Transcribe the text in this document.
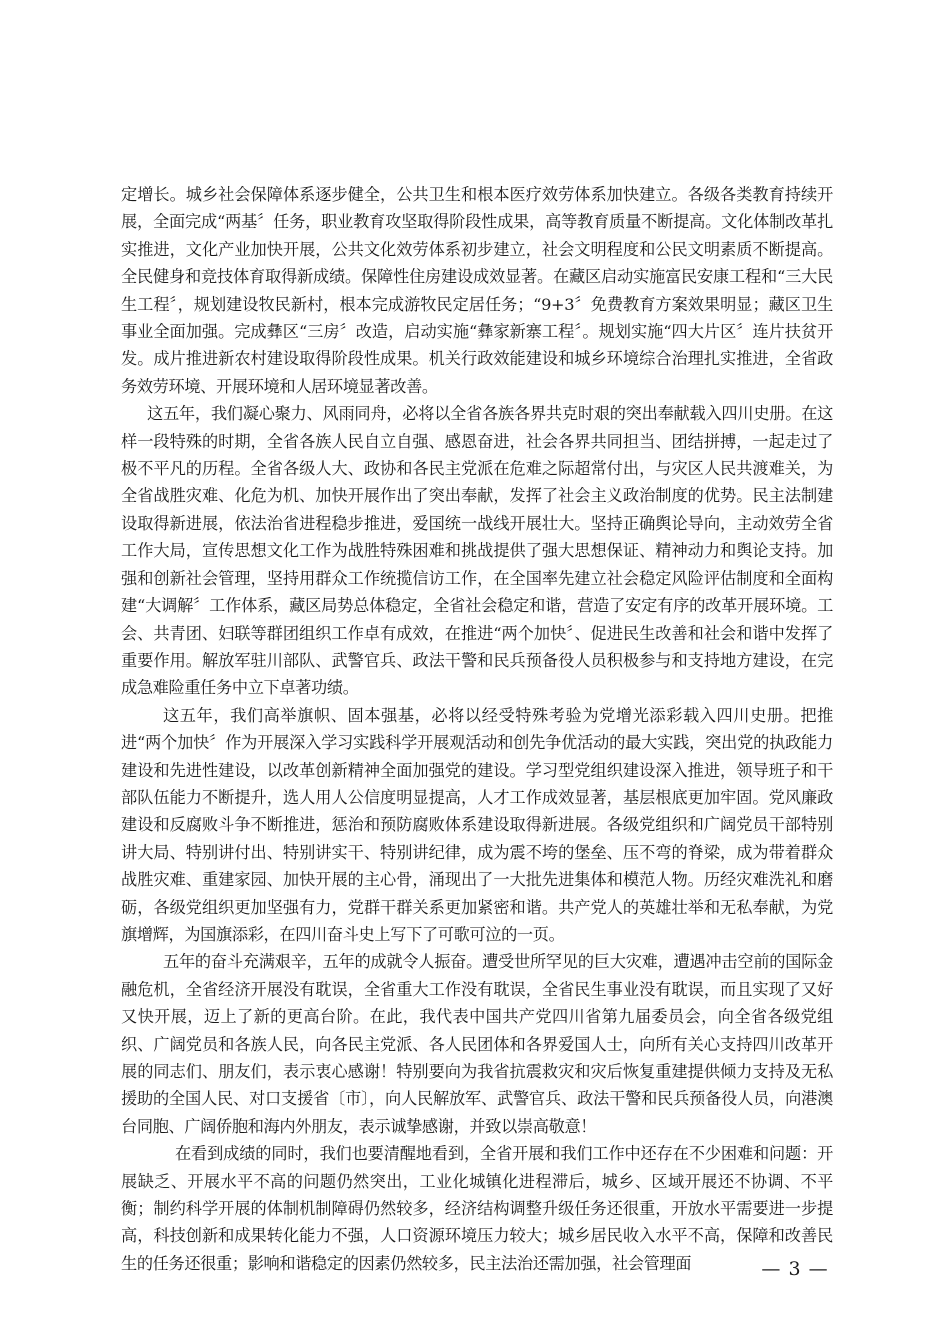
定增长。城乡社会保障体系逐步健全，公共卫生和根本医疗效劳体系加快建立。各级各类教育持续开展，全面完成“两基〞任务，职业教育攻坚取得阶段性成果，高等教育质量不断提高。文化体制改革扎实推进，文化产业加快开展，公共文化效劳体系初步建立，社会文明程度和公民文明素质不断提高。全民健身和竞技体育取得新成绩。保障性住房建设成效显著。在藏区启动实施富民安康工程和“三大民生工程〞，规划建设牧民新村，根本完成游牧民定居任务；“9+3〞免费教育方案效果明显；藏区卫生事业全面加强。完成彝区“三房〞改造，启动实施“彝家新寨工程〞。规划实施“四大片区〞连片扶贫开发。成片推进新农村建设取得阶段性成果。机关行政效能建设和城乡环境综合治理扎实推进，全省政务效劳环境、开展环境和人居环境显著改善。

这五年，我们凝心聚力、风雨同舟，必将以全省各族各界共克时艰的突出奉献载入四川史册。在这样一段特殊的时期，全省各族人民自立自强、感恩奋进，社会各界共同担当、团结拼搏，一起走过了极不平凡的历程。全省各级人大、政协和各民主党派在危难之际超常付出，与灾区人民共渡难关，为全省战胜灾难、化危为机、加快开展作出了突出奉献，发挥了社会主义政治制度的优势。民主法制建设取得新进展，依法治省进程稳步推进，爱国统一战线开展壮大。坚持正确舆论导向，主动效劳全省工作大局，宣传思想文化工作为战胜特殊困难和挑战提供了强大思想保证、精神动力和舆论支持。加强和创新社会管理，坚持用群众工作统揽信访工作，在全国率先建立社会稳定风险评估制度和全面构建“大调解〞工作体系，藏区局势总体稳定，全省社会稳定和谐，营造了安定有序的改革开展环境。工会、共青团、妇联等群团组织工作卓有成效，在推进“两个加快〞、促进民生改善和社会和谐中发挥了重要作用。解放军驻川部队、武警官兵、政法干警和民兵预备役人员积极参与和支持地方建设，在完成急难险重任务中立下卓著功绩。

这五年，我们高举旗帜、固本强基，必将以经受特殊考验为党增光添彩载入四川史册。把推进“两个加快〞作为开展深入学习实践科学开展观活动和创先争优活动的最大实践，突出党的执政能力建设和先进性建设，以改革创新精神全面加强党的建设。学习型党组织建设深入推进，领导班子和干部队伍能力不断提升，选人用人公信度明显提高，人才工作成效显著，基层根底更加牢固。党风廉政建设和反腐败斗争不断推进，惩治和预防腐败体系建设取得新进展。各级党组织和广阔党员干部特别讲大局、特别讲付出、特别讲实干、特别讲纪律，成为震不垮的堡垒、压不弯的脊梁，成为带着群众战胜灾难、重建家园、加快开展的主心骨，涌现出了一大批先进集体和模范人物。历经灾难洗礼和磨砺，各级党组织更加坚强有力，党群干群关系更加紧密和谐。共产党人的英雄壮举和无私奉献，为党旗增辉，为国旗添彩，在四川奋斗史上写下了可歌可泣的一页。

五年的奋斗充满艰辛，五年的成就令人振奋。遭受世所罕见的巨大灾难，遭遇冲击空前的国际金融危机，全省经济开展没有耽误，全省重大工作没有耽误，全省民生事业没有耽误，而且实现了又好又快开展，迈上了新的更高台阶。在此，我代表中国共产党四川省第九届委员会，向全省各级党组织、广阔党员和各族人民，向各民主党派、各人民团体和各界爱国人士，向所有关心支持四川改革开展的同志们、朋友们，表示衷心感谢！特别要向为我省抗震救灾和灾后恢复重建提供倾力支持及无私援助的全国人民、对口支援省〔市〕，向人民解放军、武警官兵、政法干警和民兵预备役人员，向港澳台同胞、广阔侨胞和海内外朋友，表示诚挚感谢，并致以崇高敬意！

在看到成绩的同时，我们也要清醒地看到，全省开展和我们工作中还存在不少困难和问题：开展缺乏、开展水平不高的问题仍然突出，工业化城镇化进程滞后，城乡、区域开展还不协调、不平衡；制约科学开展的体制机制障碍仍然较多，经济结构调整升级任务还很重，开放水平需要进一步提高，科技创新和成果转化能力不强，人口资源环境压力较大；城乡居民收入水平不高，保障和改善民生的任务还很重；影响和谐稳定的因素仍然较多，民主法治还需加强，社会管理面	— 3 —
